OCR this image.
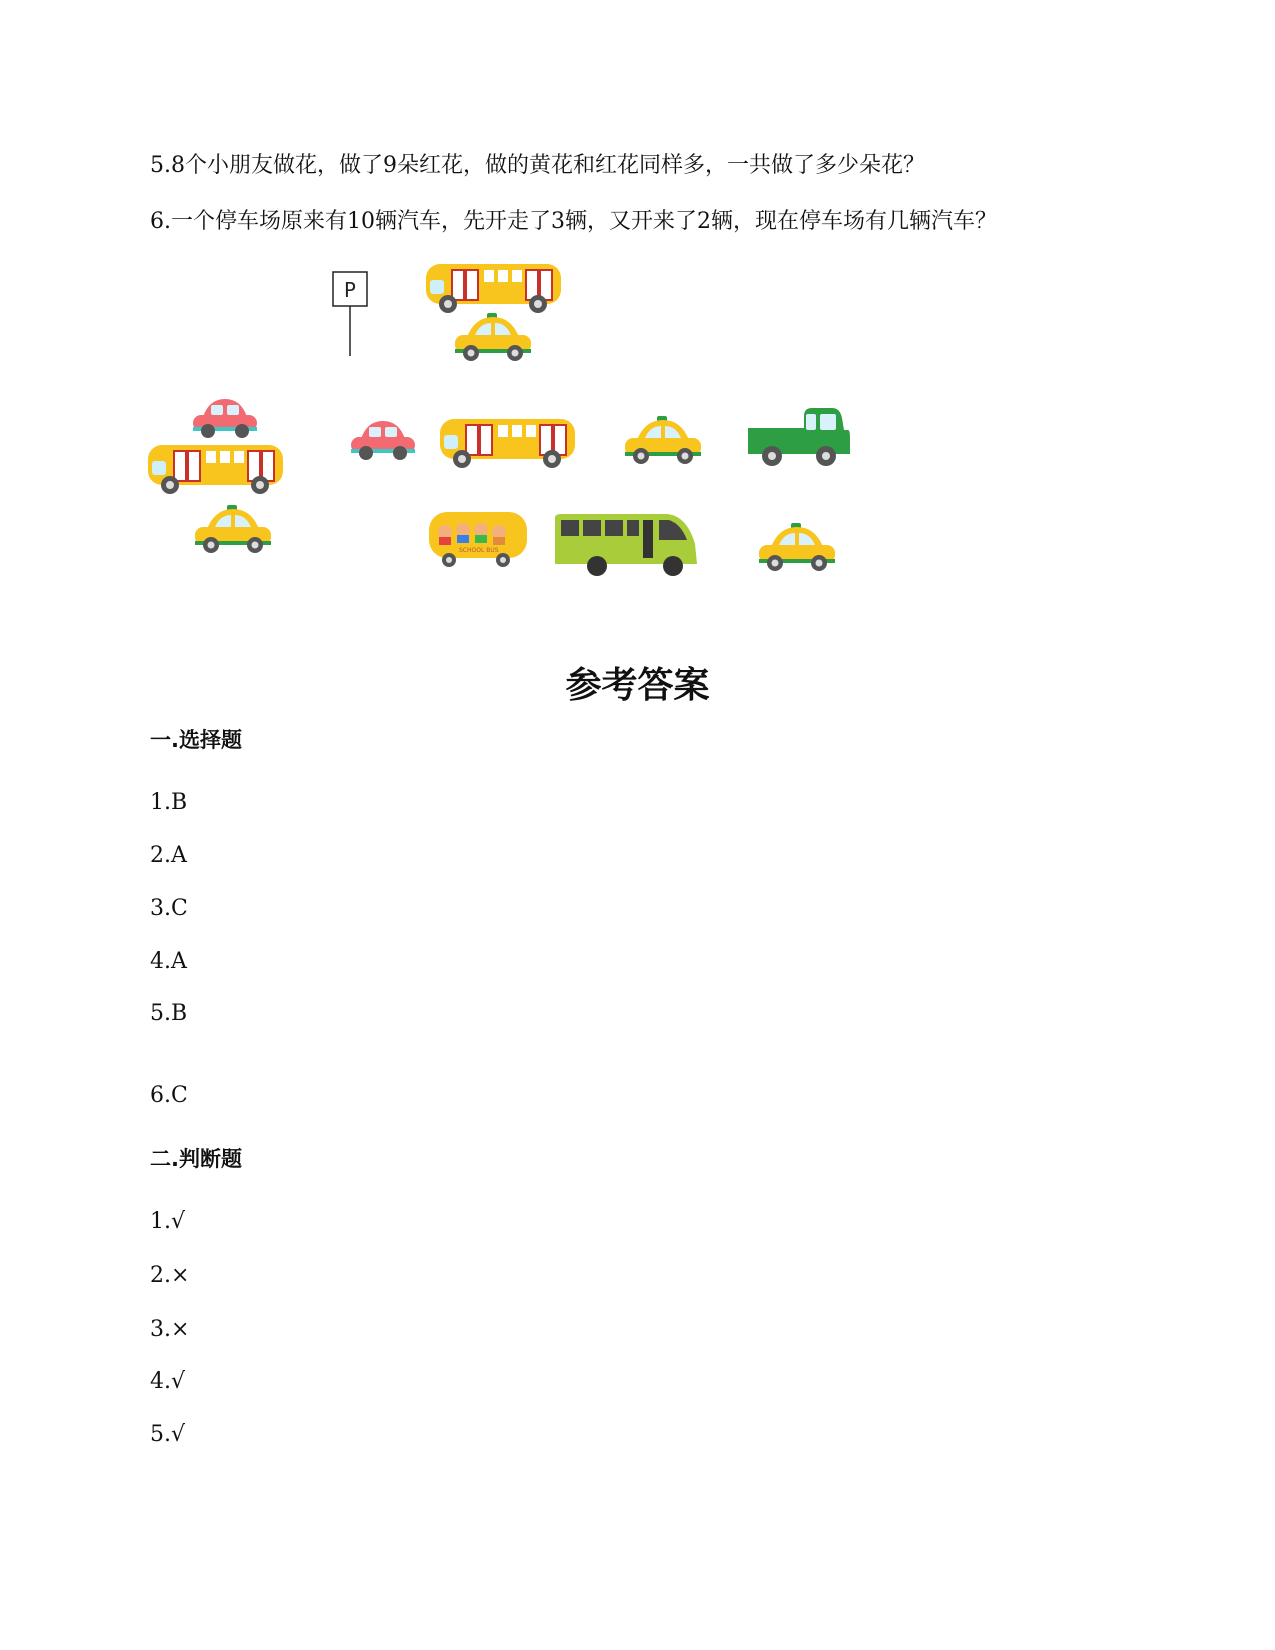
5.8个小朋友做花，做了9朵红花，做的黄花和红花同样多，一共做了多少朵花？
6.一个停车场原来有10辆汽车，先开走了3辆，又开来了2辆，现在停车场有几辆汽车？
P
SCHOOL BUS
参考答案
一.选择题
1.B
2.A
3.C
4.A
5.B
6.C
二.判断题
1.√
2.×
3.×
4.√
5.√
